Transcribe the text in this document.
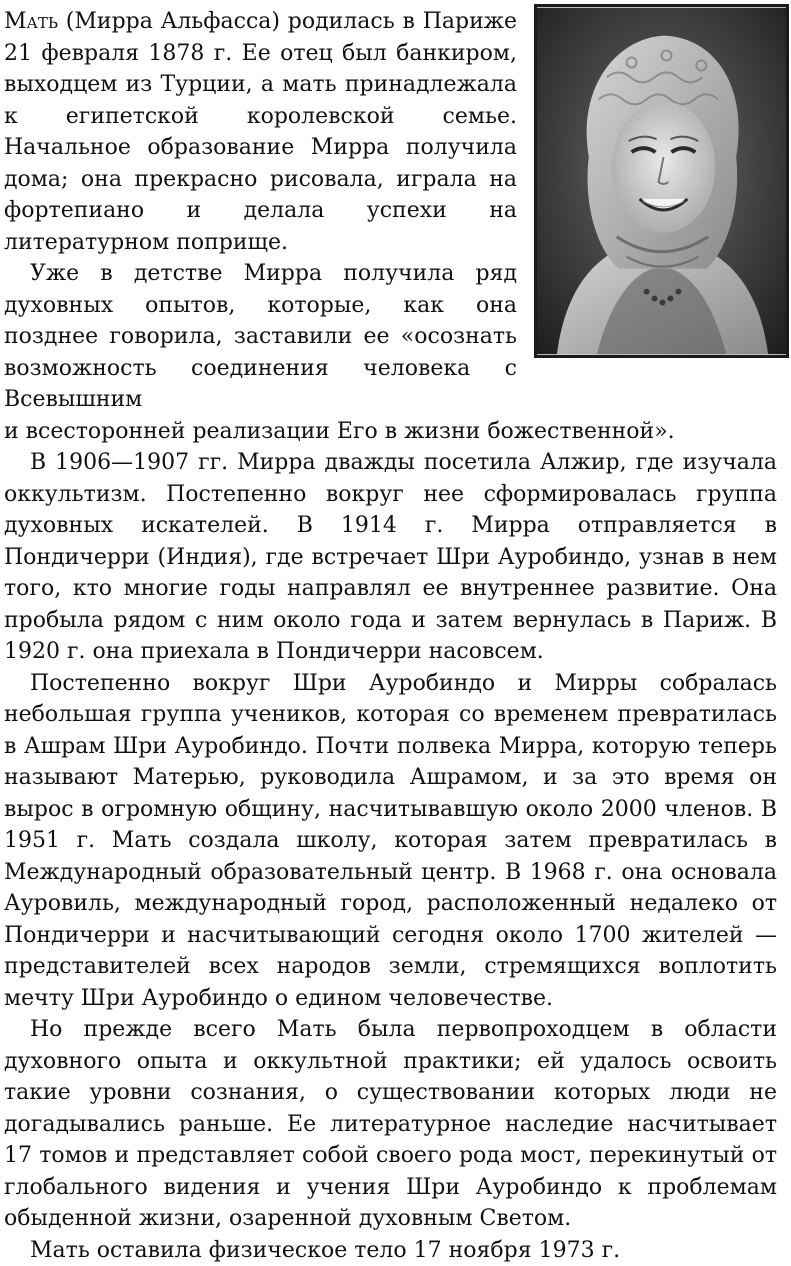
Мать (Мирра Альфасса) родилась в Париже 21 февраля 1878 г. Ее отец был банкиром, выходцем из Турции, а мать принадлежала к египетской королевской семье. Начальное образование Мирра получила дома; она прекрасно рисовала, играла на фортепиано и делала успехи на литературном поприще.

Уже в детстве Мирра получила ряд духовных опытов, которые, как она позднее говорила, заставили ее «осознать возможность соединения человека с Всевышним

и всесторонней реализации Его в жизни божественной».

В 1906—1907 гг. Мирра дважды посетила Алжир, где изучала оккультизм. Постепенно вокруг нее сформировалась группа духовных искателей. В 1914 г. Мирра отправляется в Пондичерри (Индия), где встречает Шри Ауробиндо, узнав в нем того, кто многие годы направлял ее внутреннее развитие. Она пробыла рядом с ним около года и затем вернулась в Париж. В 1920 г. она приехала в Пондичерри насовсем.

Постепенно вокруг Шри Ауробиндо и Мирры собралась небольшая группа учеников, которая со временем превратилась в Ашрам Шри Ауробиндо. Почти полвека Мирра, которую теперь называют Матерью, руководила Ашрамом, и за это время он вырос в огромную общину, насчитывавшую около 2000 членов. В 1951 г. Мать создала школу, которая затем превратилась в Международный образовательный центр. В 1968 г. она основала Ауровиль, международный город, расположенный недалеко от Пондичерри и насчитывающий сегодня около 1700 жителей — представителей всех народов земли, стремящихся воплотить мечту Шри Ауробиндо о едином человечестве.

Но прежде всего Мать была первопроходцем в области духовного опыта и оккультной практики; ей удалось освоить такие уровни сознания, о существовании которых люди не догадывались раньше. Ее литературное наследие насчитывает 17 томов и представляет собой своего рода мост, перекинутый от глобального видения и учения Шри Ауробиндо к проблемам обыденной жизни, озаренной духовным Светом.

Мать оставила физическое тело 17 ноября 1973 г.
